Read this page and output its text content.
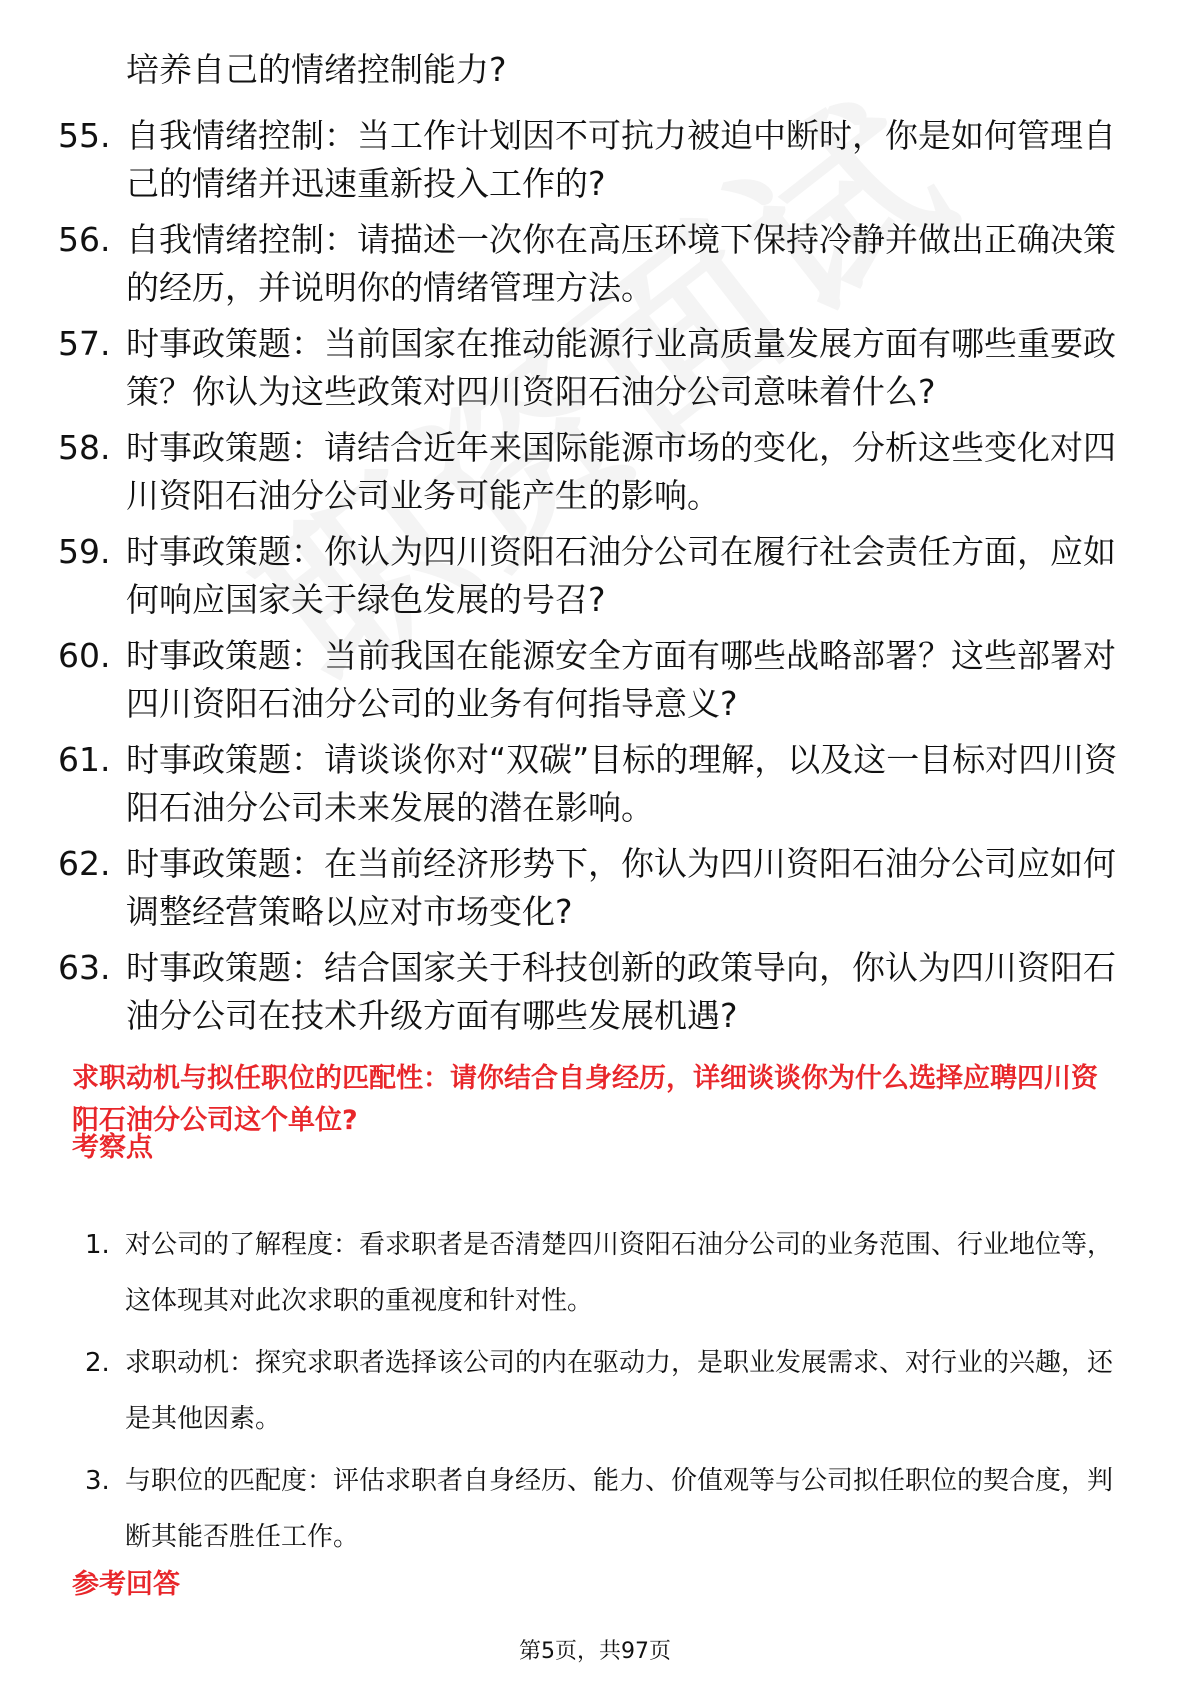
培养自己的情绪控制能力?
55. 自我情绪控制：当工作计划因不可抗力被迫中断时，你是如何管理自己的情绪并迅速重新投入工作的?
56. 自我情绪控制：请描述一次你在高压环境下保持冷静并做出正确决策的经历，并说明你的情绪管理方法。
57. 时事政策题：当前国家在推动能源行业高质量发展方面有哪些重要政策？你认为这些政策对四川资阳石油分公司意味着什么?
58. 时事政策题：请结合近年来国际能源市场的变化，分析这些变化对四川资阳石油分公司业务可能产生的影响。
59. 时事政策题：你认为四川资阳石油分公司在履行社会责任方面，应如何响应国家关于绿色发展的号召?
60. 时事政策题：当前我国在能源安全方面有哪些战略部署？这些部署对四川资阳石油分公司的业务有何指导意义?
61. 时事政策题：请谈谈你对“双碳”目标的理解，以及这一目标对四川资阳石油分公司未来发展的潜在影响。
62. 时事政策题：在当前经济形势下，你认为四川资阳石油分公司应如何调整经营策略以应对市场变化?
63. 时事政策题：结合国家关于科技创新的政策导向，你认为四川资阳石油分公司在技术升级方面有哪些发展机遇?
求职动机与拟任职位的匹配性：请你结合自身经历，详细谈谈你为什么选择应聘四川资阳石油分公司这个单位?
考察点
1. 对公司的了解程度：看求职者是否清楚四川资阳石油分公司的业务范围、行业地位等，这体现其对此次求职的重视度和针对性。
2. 求职动机：探究求职者选择该公司的内在驱动力，是职业发展需求、对行业的兴趣，还是其他因素。
3. 与职位的匹配度：评估求职者自身经历、能力、价值观等与公司拟任职位的契合度，判断其能否胜任工作。
参考回答
第5页，共97页
